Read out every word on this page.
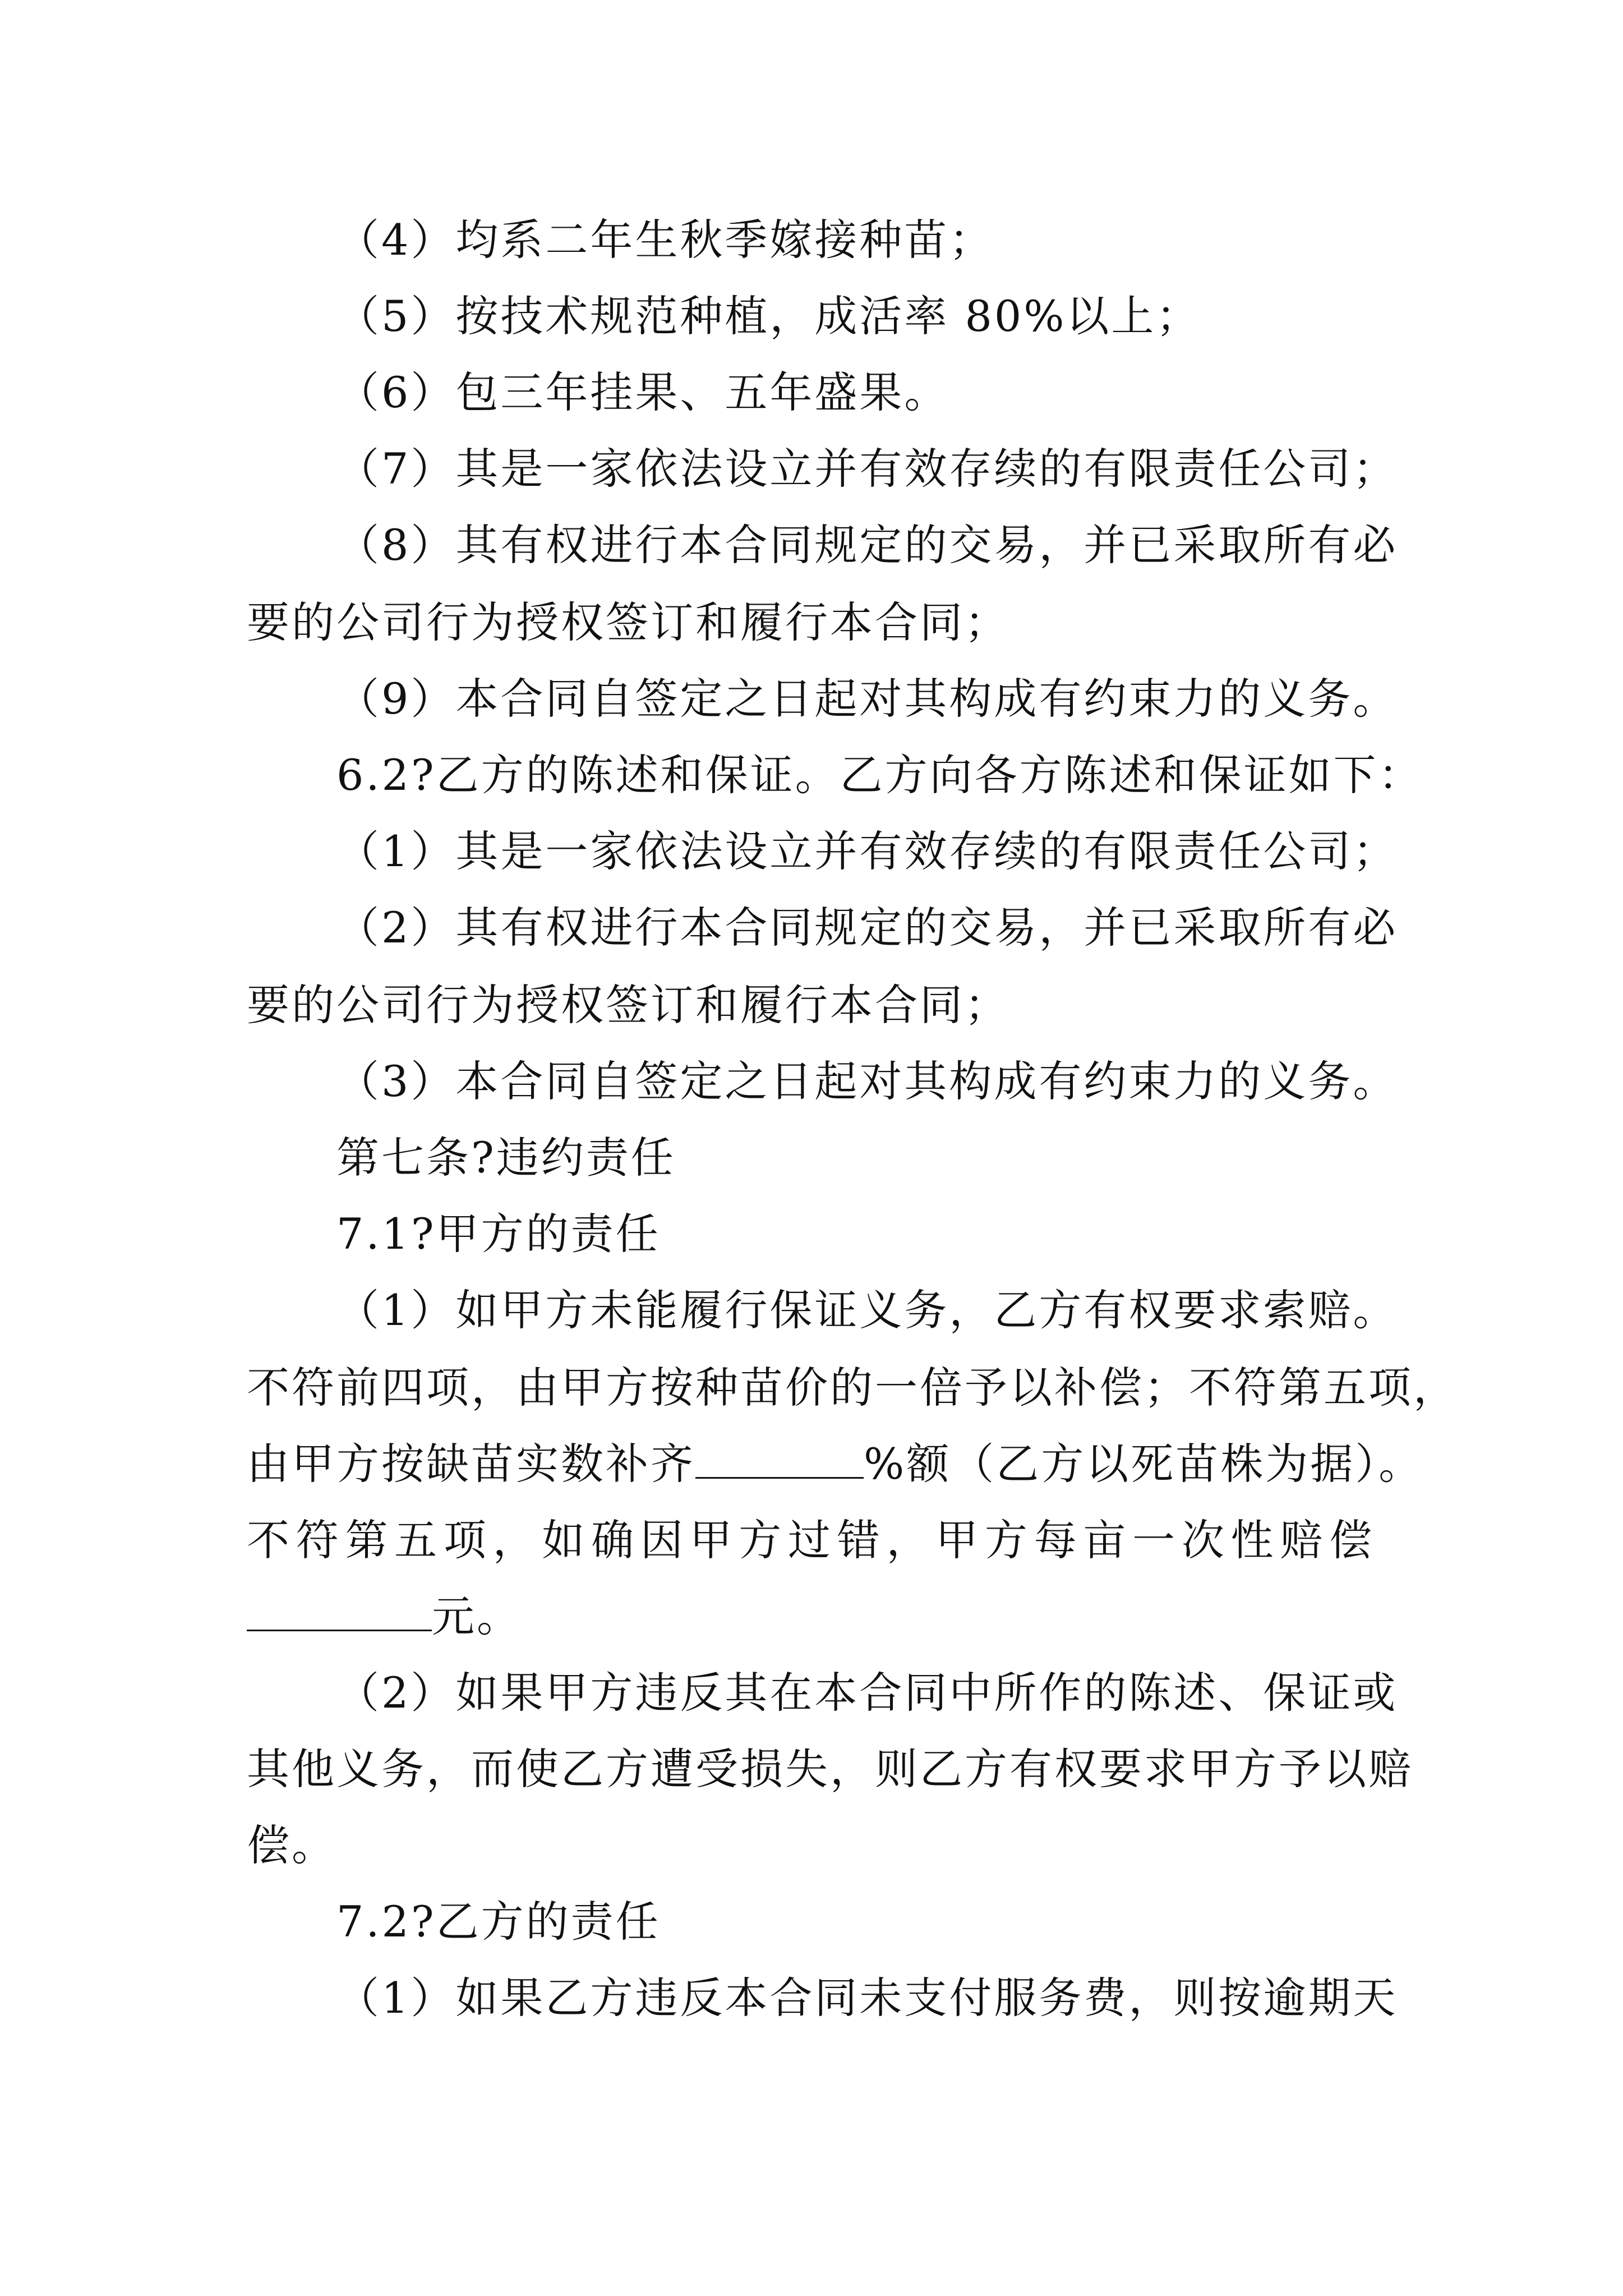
（4）均系二年生秋季嫁接种苗；
（5）按技术规范种植，成活率 80%以上；
（6）包三年挂果、五年盛果。
（7）其是一家依法设立并有效存续的有限责任公司；
（8）其有权进行本合同规定的交易，并已采取所有必
要的公司行为授权签订和履行本合同；
（9）本合同自签定之日起对其构成有约束力的义务。
6.2?乙方的陈述和保证。乙方向各方陈述和保证如下：
（1）其是一家依法设立并有效存续的有限责任公司；
（2）其有权进行本合同规定的交易，并已采取所有必
要的公司行为授权签订和履行本合同；
（3）本合同自签定之日起对其构成有约束力的义务。
第七条?违约责任
7.1?甲方的责任
（1）如甲方未能履行保证义务，乙方有权要求索赔。
不符前四项，由甲方按种苗价的一倍予以补偿；不符第五项，
由甲方按缺苗实数补齐	%额（乙方以死苗株为据）。
不符第五项，如确因甲方过错，甲方每亩一次性赔偿
元。
（2）如果甲方违反其在本合同中所作的陈述、保证或
其他义务，而使乙方遭受损失，则乙方有权要求甲方予以赔
偿。
7.2?乙方的责任
（1）如果乙方违反本合同未支付服务费，则按逾期天
